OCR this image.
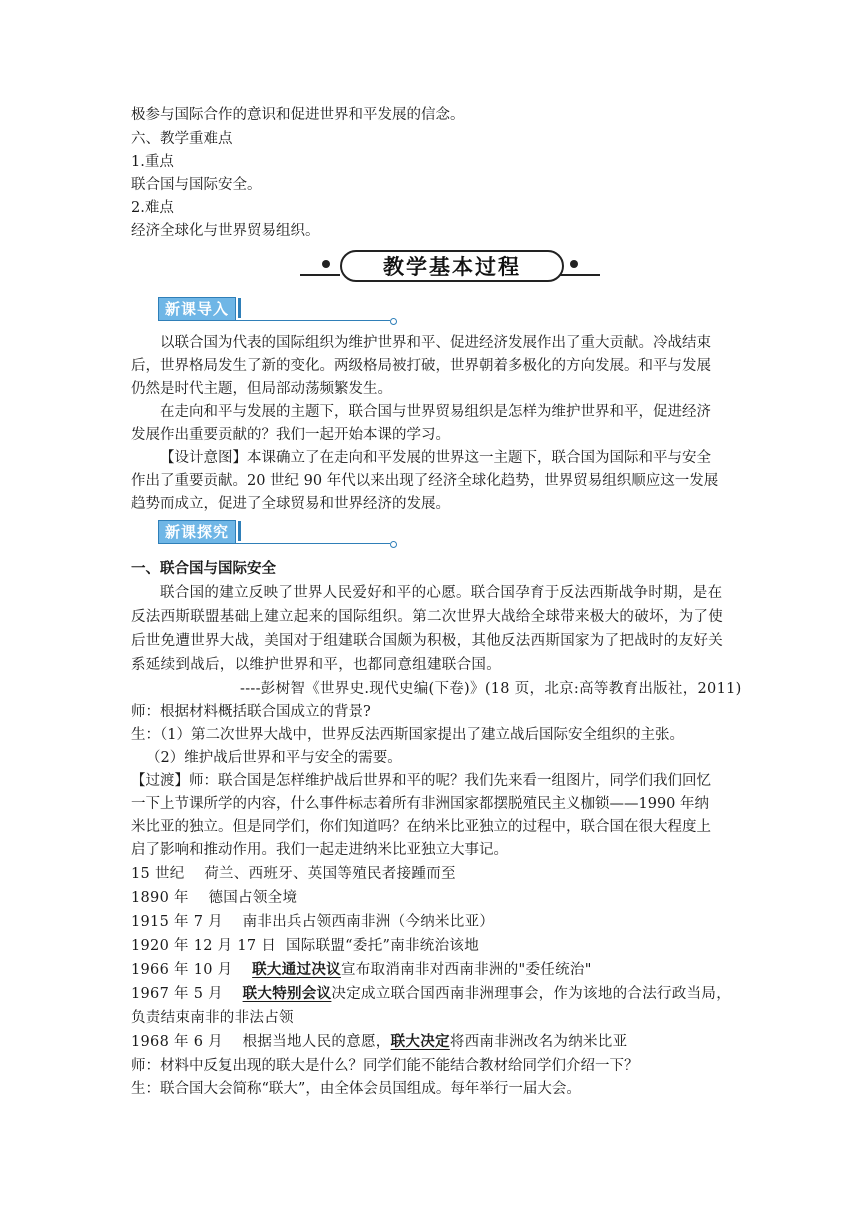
极参与国际合作的意识和促进世界和平发展的信念。
六、教学重难点
1.重点
联合国与国际安全。
2.难点
经济全球化与世界贸易组织。
教学基本过程
新课导入
以联合国为代表的国际组织为维护世界和平、促进经济发展作出了重大贡献。冷战结束
后，世界格局发生了新的变化。两级格局被打破，世界朝着多极化的方向发展。和平与发展
仍然是时代主题，但局部动荡频繁发生。
在走向和平与发展的主题下，联合国与世界贸易组织是怎样为维护世界和平，促进经济
发展作出重要贡献的？我们一起开始本课的学习。
【设计意图】本课确立了在走向和平发展的世界这一主题下，联合国为国际和平与安全
作出了重要贡献。20 世纪 90 年代以来出现了经济全球化趋势，世界贸易组织顺应这一发展
趋势而成立，促进了全球贸易和世界经济的发展。
新课探究
一、联合国与国际安全
联合国的建立反映了世界人民爱好和平的心愿。联合国孕育于反法西斯战争时期，是在
反法西斯联盟基础上建立起来的国际组织。第二次世界大战给全球带来极大的破坏，为了使
后世免遭世界大战，美国对于组建联合国颇为积极，其他反法西斯国家为了把战时的友好关
系延续到战后，以维护世界和平，也都同意组建联合国。
----彭树智《世界史.现代史编(下卷)》(18 页，北京:高等教育出版社，2011)
师：根据材料概括联合国成立的背景?
生：（1）第二次世界大战中，世界反法西斯国家提出了建立战后国际安全组织的主张。
（2）维护战后世界和平与安全的需要。
【过渡】师：联合国是怎样维护战后世界和平的呢？我们先来看一组图片，同学们我们回忆
一下上节课所学的内容，什么事件标志着所有非洲国家都摆脱殖民主义枷锁——1990 年纳
米比亚的独立。但是同学们，你们知道吗？在纳米比亚独立的过程中，联合国在很大程度上
启了影响和推动作用。我们一起走进纳米比亚独立大事记。
15 世纪 荷兰、西班牙、英国等殖民者接踵而至
1890 年 德国占领全境
1915 年 7 月 南非出兵占领西南非洲（今纳米比亚）
1920 年 12 月 17 日 国际联盟“委托”南非统治该地
1966 年 10 月 联大通过决议宣布取消南非对西南非洲的"委任统治"
1967 年 5 月 联大特别会议决定成立联合国西南非洲理事会，作为该地的合法行政当局，
负责结束南非的非法占领
1968 年 6 月 根据当地人民的意愿，联大决定将西南非洲改名为纳米比亚
师：材料中反复出现的联大是什么？同学们能不能结合教材给同学们介绍一下？
生：联合国大会简称“联大”，由全体会员国组成。每年举行一届大会。
